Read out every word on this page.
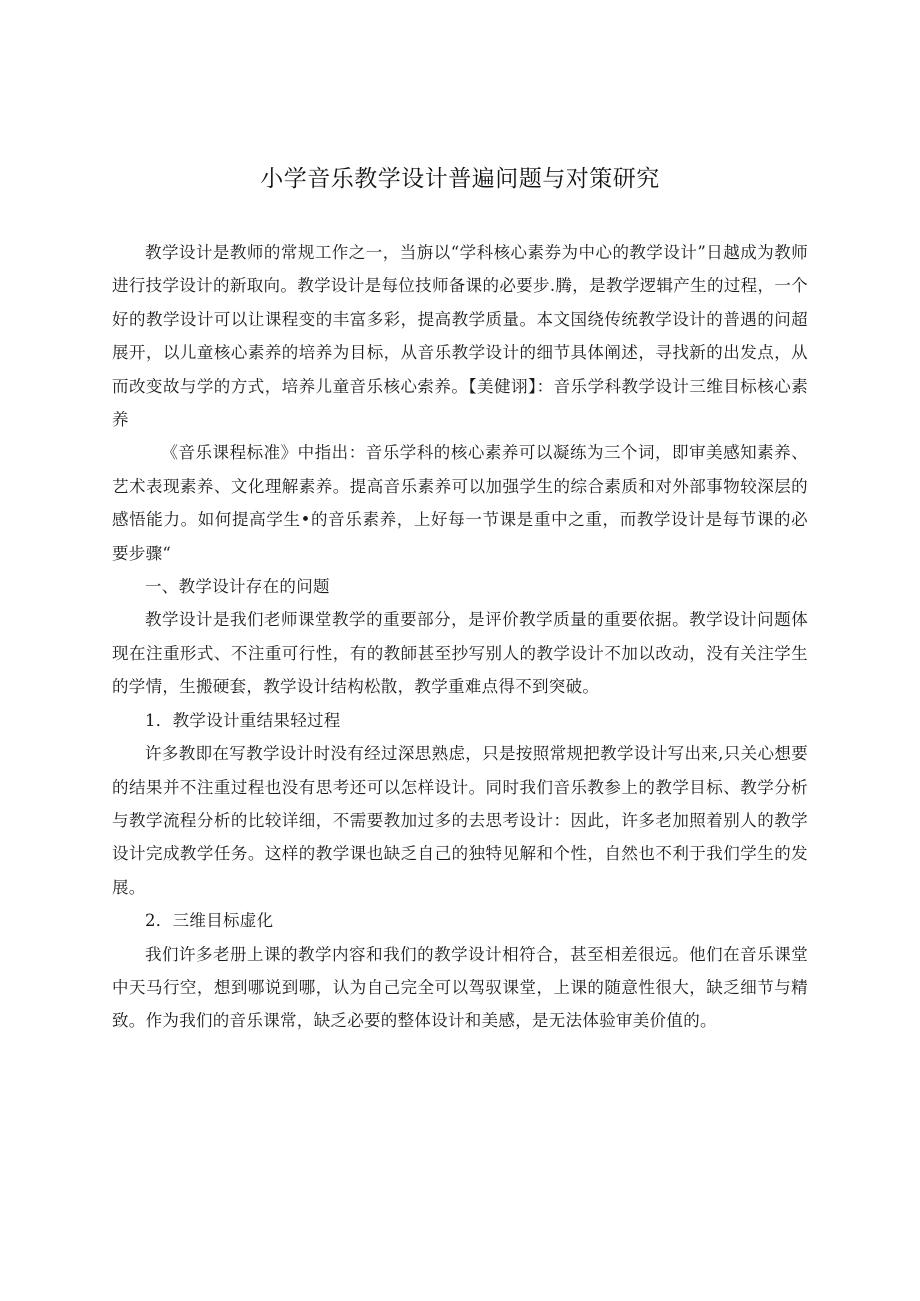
小学音乐教学设计普遍问题与对策研究

教学设计是教师的常规工作之一，当旃以“学科核心素券为中心的教学设计”日越成为教师进行技学设计的新取向。教学设计是每位技师备课的必要步.腾，是教学逻辑产生的过程，一个好的教学设计可以让课程变的丰富多彩，提高教学质量。本文国绕传统教学设计的普遇的问超展开，以儿童核心素养的培养为目标，从音乐教学设计的细节具体阐述，寻找新的出发点，从而改变故与学的方式，培养儿童音乐核心索养。【美健诩】：音乐学科教学设计三维目标核心素养

《音乐课程标准》中指出：音乐学科的核心素养可以凝练为三个词，即审美感知素养、艺术表现素养、文化理解素养。提高音乐素养可以加强学生的综合素质和对外部事物较深层的感悟能力。如何提高学生•的音乐素养，上好每一节课是重中之重，而教学设计是每节课的必要步骤“

一、教学设计存在的问题

教学设计是我们老师课堂教学的重要部分，是评价教学质量的重要依据。教学设计问题体现在注重形式、不注重可行性，有的教師甚至抄写别人的教学设计不加以改动，没有关注学生的学情，生搬硬套，教学设计结构松散，教学重难点得不到突破。

1．教学设计重结果轻过程

许多教即在写教学设计时没有经过深思熟虑，只是按照常规把教学设计写出来,只关心想要的结果并不注重过程也没有思考还可以怎样设计。同时我们音乐教参上的教学目标、教学分析与教学流程分析的比较详细，不需要教加过多的去思考设计：因此，许多老加照着别人的教学设计完成教学任务。这样的教学课也缺乏自己的独特见解和个性，自然也不利于我们学生的发展。

2．三维目标虚化

我们许多老册上课的教学内容和我们的教学设计相符合，甚至相差很远。他们在音乐课堂中天马行空，想到哪说到哪，认为自己完全可以驾驭课堂，上课的随意性很大，缺乏细节与精致。作为我们的音乐课常，缺乏必要的整体设计和美感，是无法体验审美价值的。
